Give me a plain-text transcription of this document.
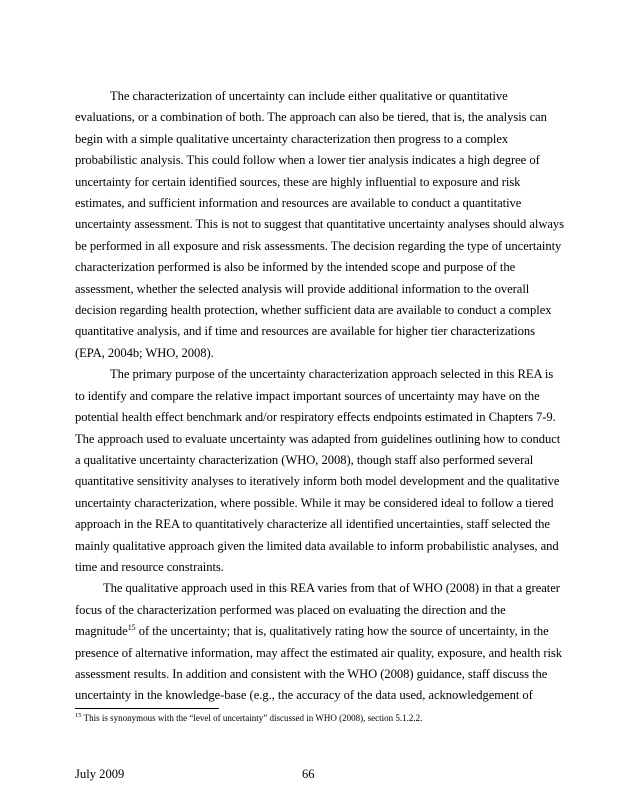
The characterization of uncertainty can include either qualitative or quantitative evaluations, or a combination of both. The approach can also be tiered, that is, the analysis can begin with a simple qualitative uncertainty characterization then progress to a complex probabilistic analysis. This could follow when a lower tier analysis indicates a high degree of uncertainty for certain identified sources, these are highly influential to exposure and risk estimates, and sufficient information and resources are available to conduct a quantitative uncertainty assessment. This is not to suggest that quantitative uncertainty analyses should always be performed in all exposure and risk assessments. The decision regarding the type of uncertainty characterization performed is also be informed by the intended scope and purpose of the assessment, whether the selected analysis will provide additional information to the overall decision regarding health protection, whether sufficient data are available to conduct a complex quantitative analysis, and if time and resources are available for higher tier characterizations (EPA, 2004b; WHO, 2008).

The primary purpose of the uncertainty characterization approach selected in this REA is to identify and compare the relative impact important sources of uncertainty may have on the potential health effect benchmark and/or respiratory effects endpoints estimated in Chapters 7-9. The approach used to evaluate uncertainty was adapted from guidelines outlining how to conduct a qualitative uncertainty characterization (WHO, 2008), though staff also performed several quantitative sensitivity analyses to iteratively inform both model development and the qualitative uncertainty characterization, where possible. While it may be considered ideal to follow a tiered approach in the REA to quantitatively characterize all identified uncertainties, staff selected the mainly qualitative approach given the limited data available to inform probabilistic analyses, and time and resource constraints.

The qualitative approach used in this REA varies from that of WHO (2008) in that a greater focus of the characterization performed was placed on evaluating the direction and the magnitude$^{15}$ of the uncertainty; that is, qualitatively rating how the source of uncertainty, in the presence of alternative information, may affect the estimated air quality, exposure, and health risk assessment results. In addition and consistent with the WHO (2008) guidance, staff discuss the uncertainty in the knowledge-base (e.g., the accuracy of the data used, acknowledgement of

$^{15}$ This is synonymous with the “level of uncertainty” discussed in WHO (2008), section 5.1.2.2.
July 2009	66
